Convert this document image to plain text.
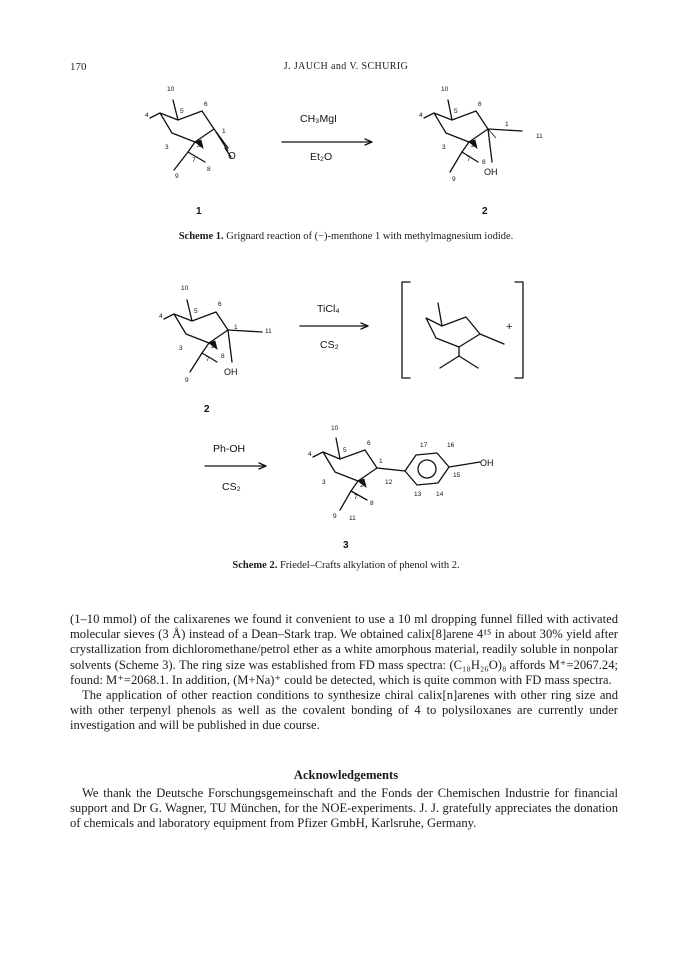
170	J. JAUCH and V. SCHURIG
10
4
5
6
1
2
3
7
8
9
10
4
5
6
1
11
2
3
7 8
9
10
4
5
6
1
11
2
3
7 8
9
10
4
5
6
1
2
3	12
13 14
15
16
17
7
8
9 11
O
OH
OH
OH
+
CH₃MgI
Et₂O
TiCl₄
CS₂
Ph-OH
CS₂
1	2
2
3
Scheme 1. Grignard reaction of (−)-menthone 1 with methylmagnesium iodide.
Scheme 2. Friedel–Crafts alkylation of phenol with 2.

(1–10 mmol) of the calixarenes we found it convenient to use a 10 ml dropping funnel filled with activated molecular sieves (3 Å) instead of a Dean–Stark trap. We obtained calix[8]arene 4¹⁵ in about 30% yield after crystallization from dichloromethane/petrol ether as a white amorphous material, readily soluble in nonpolar solvents (Scheme 3). The ring size was established from FD mass spectra: (C₁₈H₂₆O)₈ affords M⁺=2067.24; found: M⁺=2068.1. In addition, (M+Na)⁺ could be detected, which is quite common with FD mass spectra.

The application of other reaction conditions to synthesize chiral calix[n]arenes with other ring size and with other terpenyl phenols as well as the covalent bonding of 4 to polysiloxanes are currently under investigation and will be published in due course.

Acknowledgements

We thank the Deutsche Forschungsgemeinschaft and the Fonds der Chemischen Industrie for financial support and Dr G. Wagner, TU München, for the NOE-experiments. J. J. gratefully appreciates the donation of chemicals and laboratory equipment from Pfizer GmbH, Karlsruhe, Germany.
